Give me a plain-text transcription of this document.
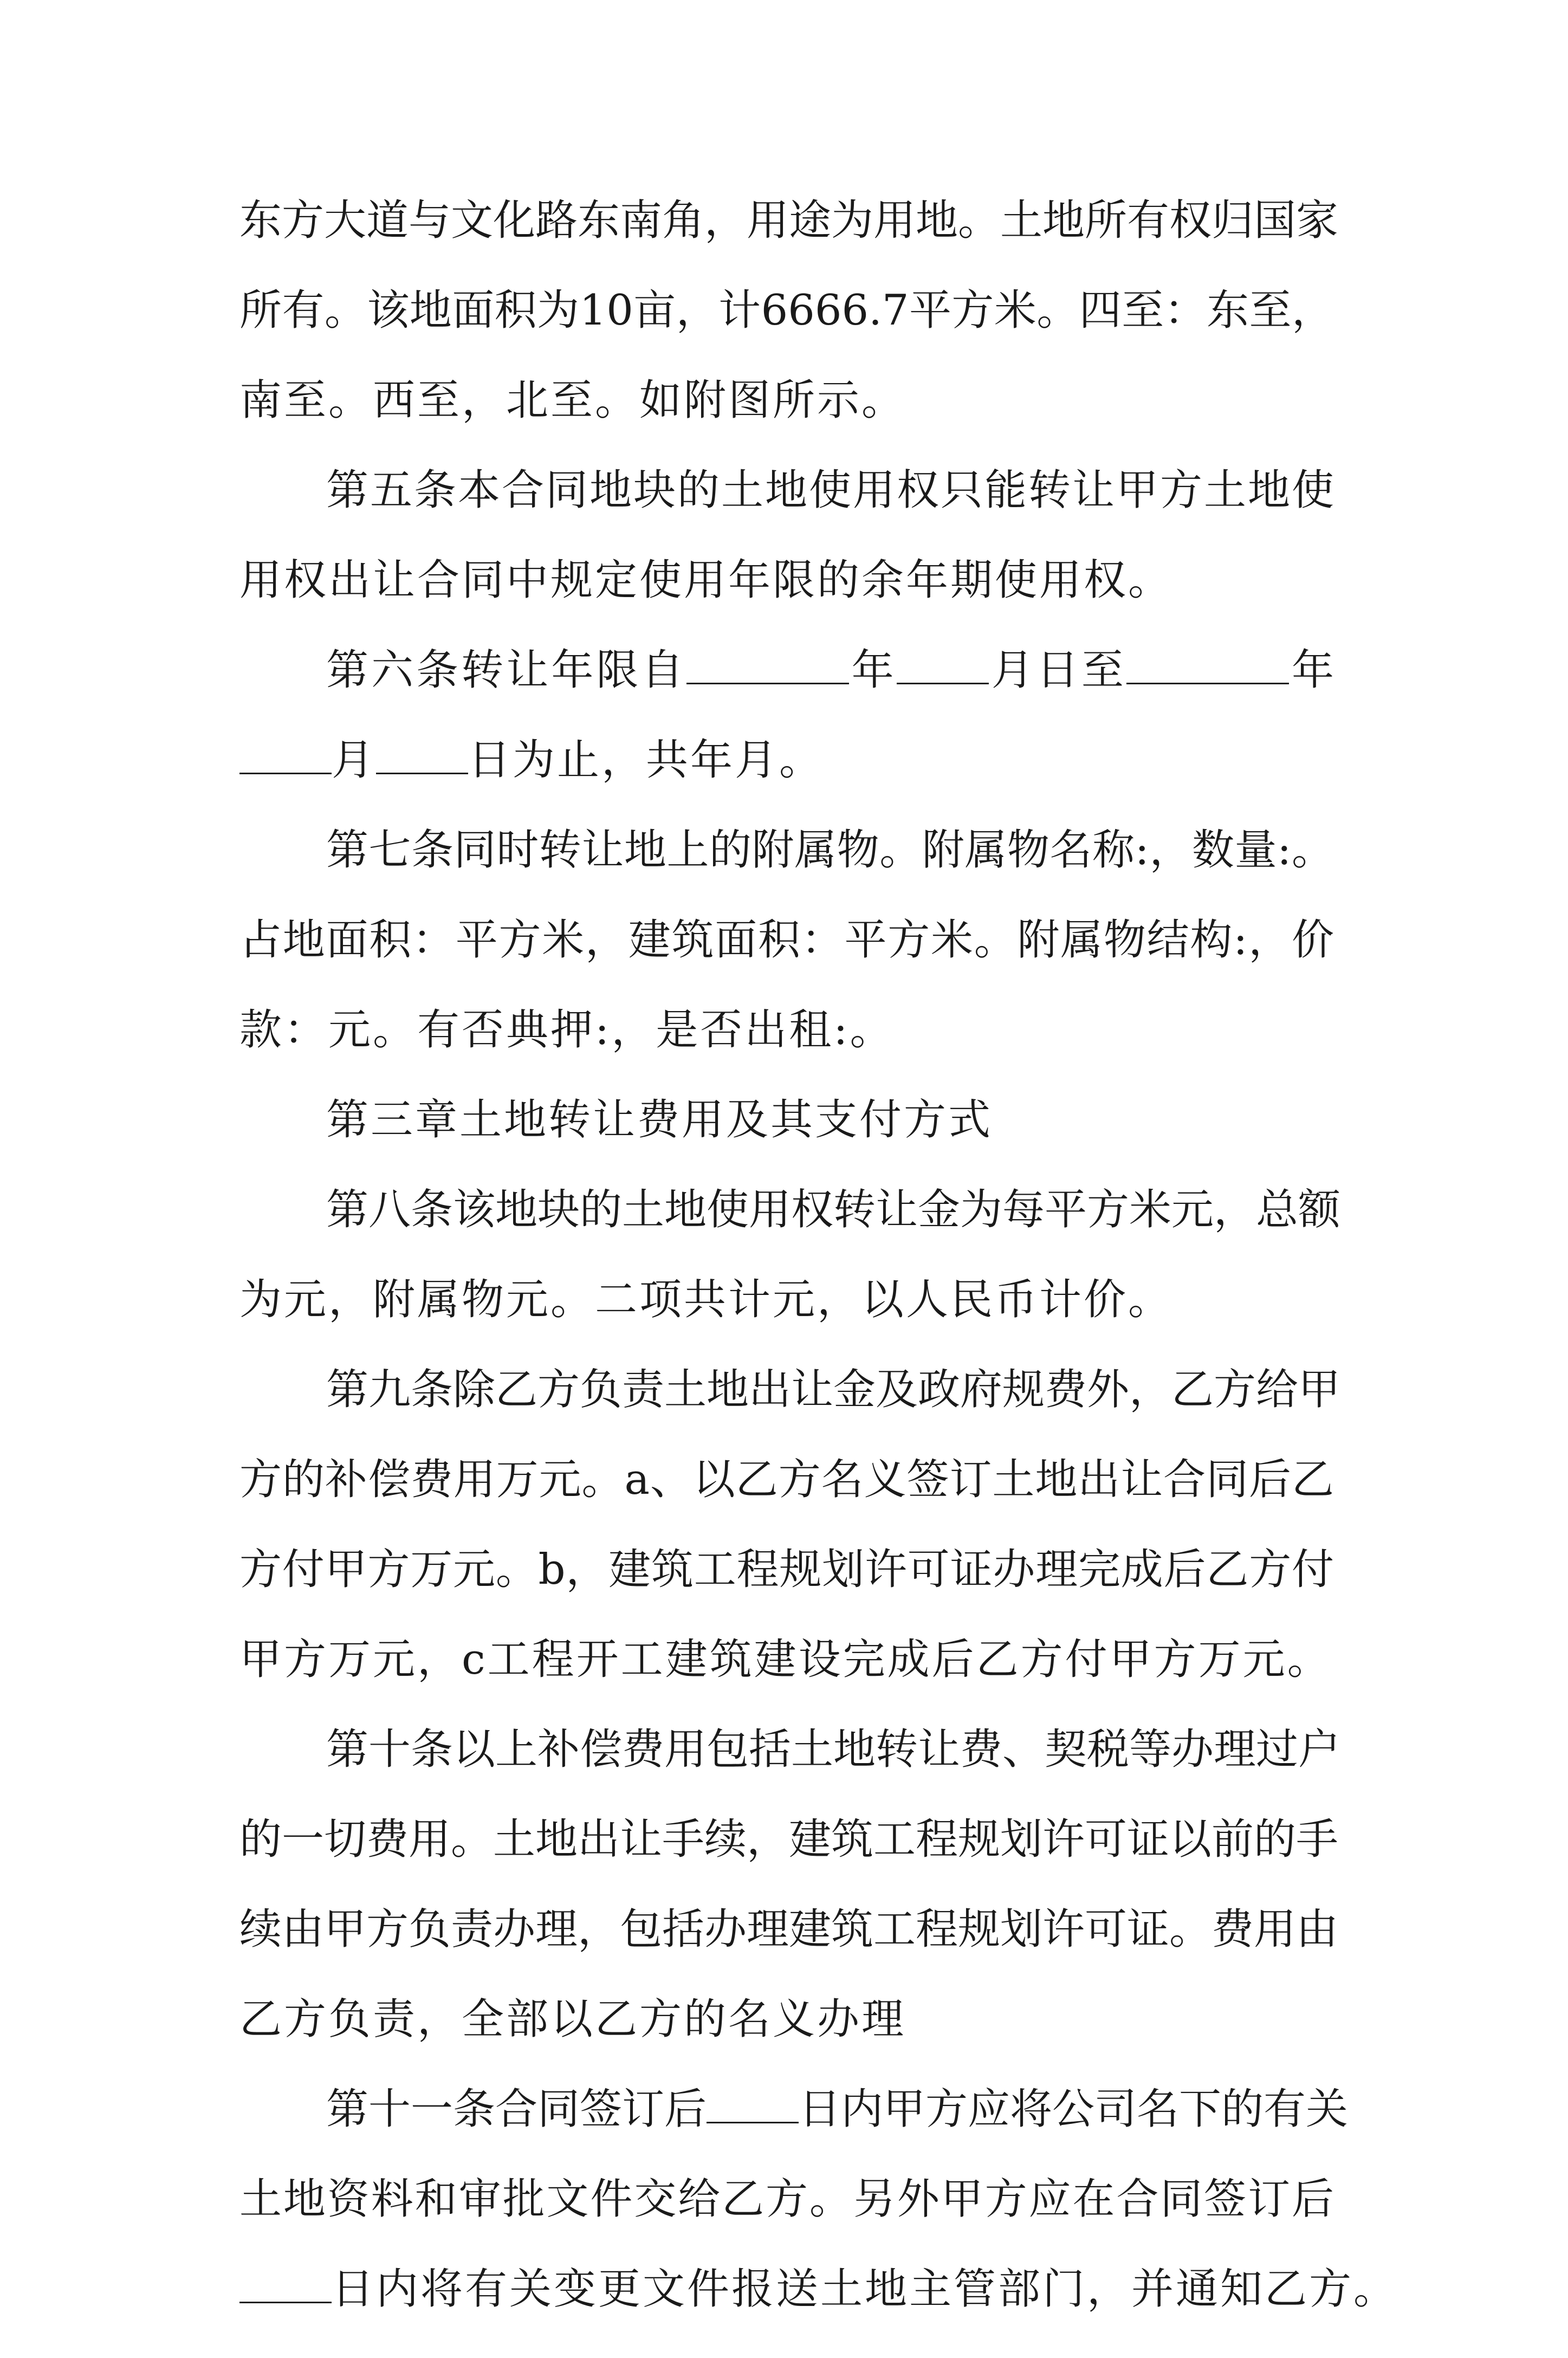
东方大道与文化路东南角，用途为用地。土地所有权归国家
所有。该地面积为10亩，计6666.7平方米。四至：东至，
南至。西至，北至。如附图所示。
第五条本合同地块的土地使用权只能转让甲方土地使
用权出让合同中规定使用年限的余年期使用权。
第六条转让年限自	年 月日至	年
月 日为止，共年月。
第七条同时转让地上的附属物。附属物名称:，数量:。
占地面积：平方米，建筑面积：平方米。附属物结构:，价
款：元。有否典押:，是否出租:。
第三章土地转让费用及其支付方式
第八条该地块的土地使用权转让金为每平方米元，总额
为元，附属物元。二项共计元，以人民币计价。
第九条除乙方负责土地出让金及政府规费外，乙方给甲
方的补偿费用万元。a、以乙方名义签订土地出让合同后乙
方付甲方万元。b，建筑工程规划许可证办理完成后乙方付
甲方万元，c工程开工建筑建设完成后乙方付甲方万元。
第十条以上补偿费用包括土地转让费、契税等办理过户
的一切费用。土地出让手续，建筑工程规划许可证以前的手
续由甲方负责办理，包括办理建筑工程规划许可证。费用由
乙方负责，全部以乙方的名义办理
第十一条合同签订后 日内甲方应将公司名下的有关
土地资料和审批文件交给乙方。另外甲方应在合同签订后
日内将有关变更文件报送土地主管部门，并通知乙方。
